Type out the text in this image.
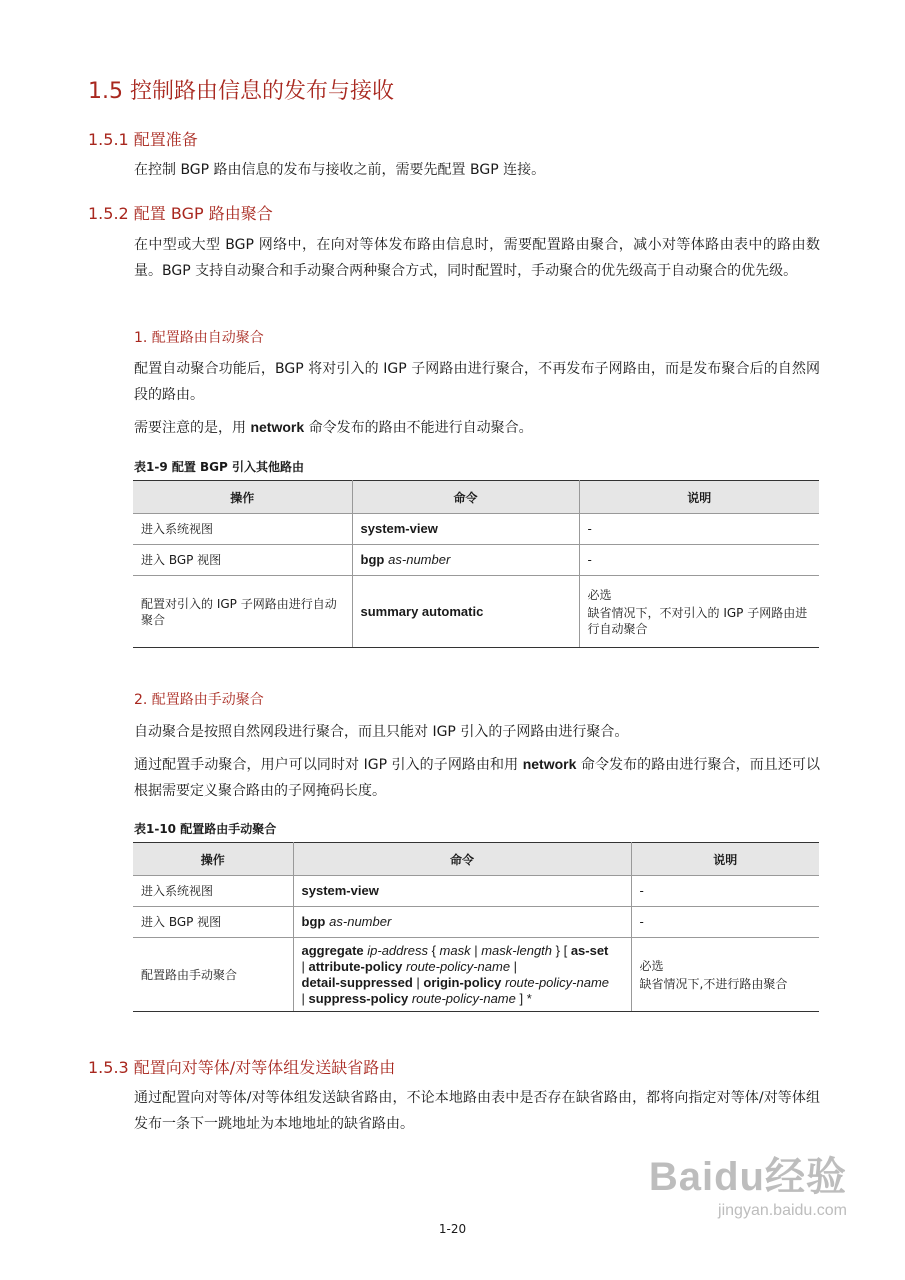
1.5 控制路由信息的发布与接收
1.5.1 配置准备
在控制 BGP 路由信息的发布与接收之前，需要先配置 BGP 连接。
1.5.2 配置 BGP 路由聚合
在中型或大型 BGP 网络中，在向对等体发布路由信息时，需要配置路由聚合，减小对等体路由表中的路由数量。BGP 支持自动聚合和手动聚合两种聚合方式，同时配置时，手动聚合的优先级高于自动聚合的优先级。
1. 配置路由自动聚合
配置自动聚合功能后，BGP 将对引入的 IGP 子网路由进行聚合，不再发布子网路由，而是发布聚合后的自然网段的路由。
需要注意的是，用 network 命令发布的路由不能进行自动聚合。
表1-9 配置 BGP 引入其他路由
操作	命令	说明
进入系统视图	system-view	-
进入 BGP 视图	bgp as-number	-
配置对引入的 IGP 子网路由进行自动聚合	summary automatic	必选
缺省情况下，不对引入的 IGP 子网路由进行自动聚合
2. 配置路由手动聚合
自动聚合是按照自然网段进行聚合，而且只能对 IGP 引入的子网路由进行聚合。
通过配置手动聚合，用户可以同时对 IGP 引入的子网路由和用 network 命令发布的路由进行聚合，而且还可以根据需要定义聚合路由的子网掩码长度。
表1-10 配置路由手动聚合
操作	命令	说明
进入系统视图	system-view	-
进入 BGP 视图	bgp as-number	-
配置路由手动聚合	aggregate ip-address { mask | mask-length } [ as-set
| attribute-policy route-policy-name |
detail-suppressed | origin-policy route-policy-name
| suppress-policy route-policy-name ] *	必选
缺省情况下,不进行路由聚合
1.5.3 配置向对等体/对等体组发送缺省路由
通过配置向对等体/对等体组发送缺省路由，不论本地路由表中是否存在缺省路由，都将向指定对等体/对等体组发布一条下一跳地址为本地地址的缺省路由。
Baidu经验
jingyan.baidu.com
1-20
